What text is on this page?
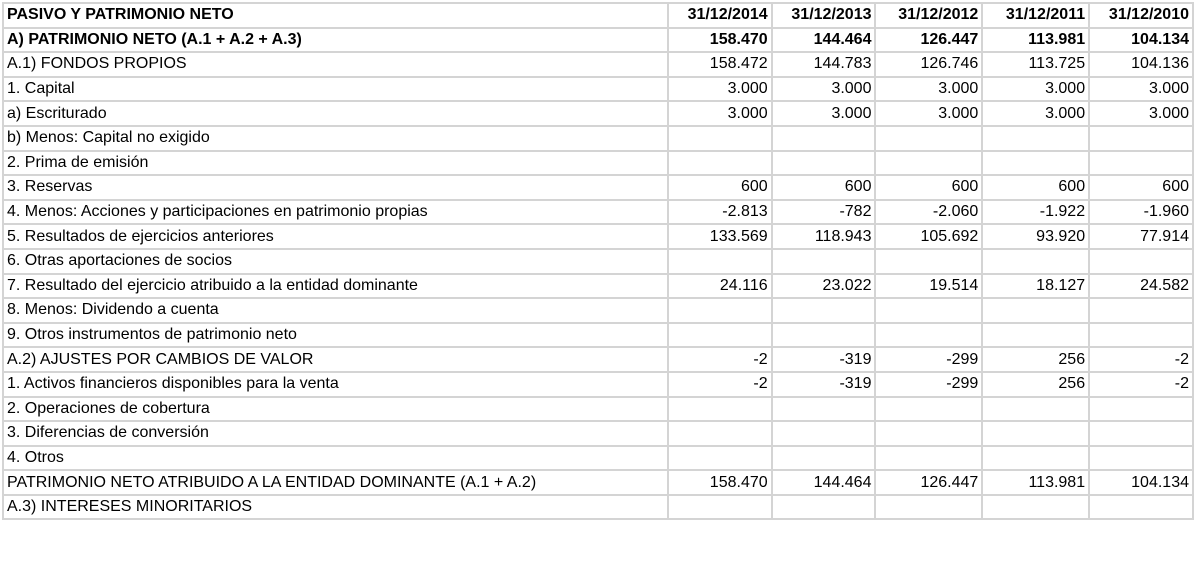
PASIVO Y PATRIMONIO NETO	31/12/2014	31/12/2013	31/12/2012	31/12/2011	31/12/2010
A) PATRIMONIO NETO (A.1 + A.2 + A.3)	158.470	144.464	126.447	113.981	104.134
A.1) FONDOS PROPIOS	158.472	144.783	126.746	113.725	104.136
1. Capital	3.000	3.000	3.000	3.000	3.000
a) Escriturado	3.000	3.000	3.000	3.000	3.000
b) Menos: Capital no exigido					
2. Prima de emisión					
3. Reservas	600	600	600	600	600
4. Menos: Acciones y participaciones en patrimonio propias	-2.813	-782	-2.060	-1.922	-1.960
5. Resultados de ejercicios anteriores	133.569	118.943	105.692	93.920	77.914
6. Otras aportaciones de socios					
7. Resultado del ejercicio atribuido a la entidad dominante	24.116	23.022	19.514	18.127	24.582
8. Menos: Dividendo a cuenta					
9. Otros instrumentos de patrimonio neto					
A.2) AJUSTES POR CAMBIOS DE VALOR	-2	-319	-299	256	-2
1. Activos financieros disponibles para la venta	-2	-319	-299	256	-2
2. Operaciones de cobertura					
3. Diferencias de conversión					
4. Otros					
PATRIMONIO NETO ATRIBUIDO A LA ENTIDAD DOMINANTE (A.1 + A.2)	158.470	144.464	126.447	113.981	104.134
A.3) INTERESES MINORITARIOS					
